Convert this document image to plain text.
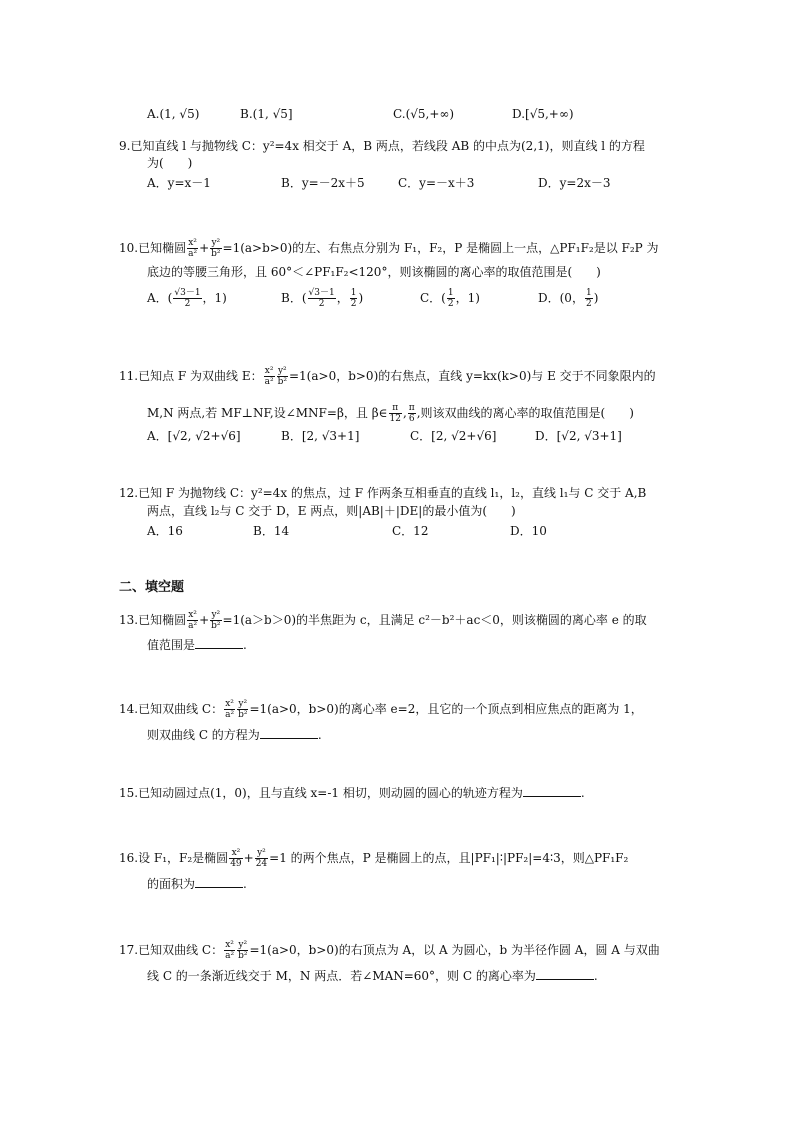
A.(1, √5)	B.(1, √5]	C.(√5,+∞)	D.[√5,+∞)
9.已知直线 l 与抛物线 C：y²=4x 相交于 A，B 两点，若线段 AB 的中点为(2,1)，则直线 l 的方程
为(　　)
A．y=x－1	B．y=－2x＋5	C．y=－x＋3	D．y=2x－3
10.已知椭圆 $\frac{\text{x²}}{\text{a²}} + \frac{\text{y²}}{\text{b²}} =1(a>b>0)$的左、右焦点分别为 F₁，F₂，P 是椭圆上一点，△PF₁F₂是以 F₂P 为
底边的等腰三角形，且 60°＜∠PF₁F₂<120°，则该椭圆的离心率的取值范围是(　　)
A．( $\frac{√3-1}{2}$ ，1)	B．( $\frac{√3-1}{2}$ ， $\frac{1}{2}$ )	C．( $\frac{1}{2}$ ，1)	D．(0， $\frac{1}{2}$ )
11.已知点 F 为双曲线 E： $\frac{\text{x²}}{\text{a²}} \frac{\text{y²}}{\text{b²}} =1(a>0$，b>0)的右焦点，直线 y=kx(k>0)与 E 交于不同象限内的
M,N 两点,若 MF⊥NF,设∠MNF=β，且 β∈ $\frac{\pi}{12}$ , $\frac{\pi}{6}$ ,则该双曲线的离心率的取值范围是(　　)
A．[√2, √2+√6]	B．[2, √3+1]	C．[2, √2+√6]	D．[√2, √3+1]
12.已知 F 为抛物线 C：y²=4x 的焦点，过 F 作两条互相垂直的直线 l₁，l₂，直线 l₁与 C 交于 A,B
两点，直线 l₂与 C 交于 D，E 两点，则|AB|＋|DE|的最小值为(　　)
A．16	B．14	C．12	D．10
二、填空题
13.已知椭圆 $\frac{\text{x²}}{\text{a²}} + \frac{\text{y²}}{\text{b²}} =1(a>b>0)$的半焦距为 c，且满足 c²－b²＋ac＜0，则该椭圆的离心率 e 的取
值范围是	.
14.已知双曲线 C： $\frac{\text{x²}}{\text{a²}} \frac{\text{y²}}{\text{b²}} =1(a>0$，b>0)的离心率 e=2，且它的一个顶点到相应焦点的距离为 1，
则双曲线 C 的方程为	.
15.已知动圆过点(1，0)，且与直线 x=-1 相切，则动圆的圆心的轨迹方程为	.
16.设 F₁，F₂是椭圆 $\frac{\text{x²}}{49} + \frac{\text{y²}}{24} =1$ 的两个焦点，P 是椭圆上的点，且|PF₁|∶|PF₂|=4∶3，则△PF₁F₂
的面积为	.
17.已知双曲线 C： $\frac{\text{x²}}{\text{a²}} \frac{\text{y²}}{\text{b²}} =1(a>0$，b>0)的右顶点为 A，以 A 为圆心，b 为半径作圆 A，圆 A 与双曲
线 C 的一条渐近线交于 M，N 两点．若∠MAN=60°，则 C 的离心率为	.
